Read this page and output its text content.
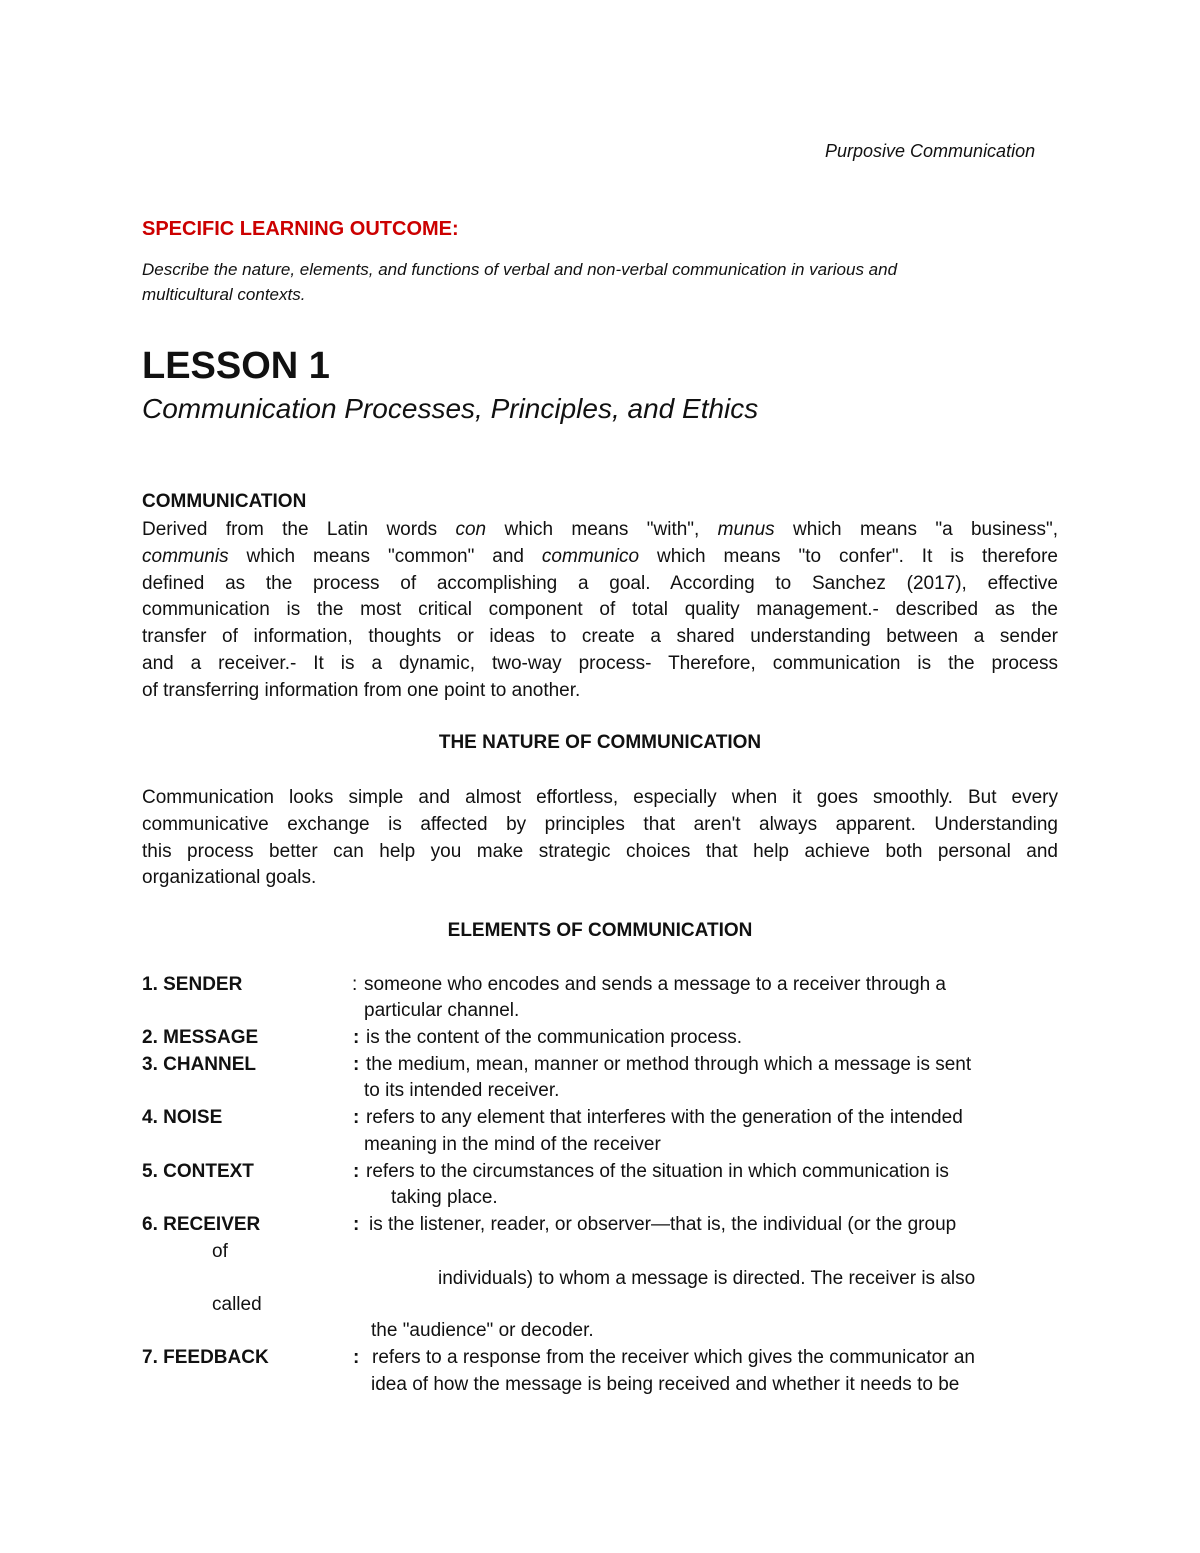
Purposive Communication
SPECIFIC LEARNING OUTCOME:
Describe the nature, elements, and functions of verbal and non-verbal communication in various and
multicultural contexts.
LESSON 1
Communication Processes, Principles, and Ethics
COMMUNICATION
Derived from the Latin words con which means "with", munus which means "a business",
communis which means "common" and communico which means "to confer". It is therefore
defined as the process of accomplishing a goal. According to Sanchez (2017), effective
communication is the most critical component of total quality management.- described as the
transfer of information, thoughts or ideas to create a shared understanding between a sender
and a receiver.- It is a dynamic, two-way process- Therefore, communication is the process
of transferring information from one point to another.
THE NATURE OF COMMUNICATION
Communication looks simple and almost effortless, especially when it goes smoothly. But every
communicative exchange is affected by principles that aren't always apparent. Understanding
this process better can help you make strategic choices that help achieve both personal and
organizational goals.
ELEMENTS OF COMMUNICATION
1. SENDER	: someone who encodes and sends a message to a receiver through a
particular channel.
2. MESSAGE	: is the content of the communication process.
3. CHANNEL	: the medium, mean, manner or method through which a message is sent
to its intended receiver.
4. NOISE	: refers to any element that interferes with the generation of the intended
meaning in the mind of the receiver
5. CONTEXT	: refers to the circumstances of the situation in which communication is
taking place.
6. RECEIVER	: is the listener, reader, or observer—that is, the individual (or the group
of
individuals) to whom a message is directed. The receiver is also
called
the "audience" or decoder.
7. FEEDBACK	: refers to a response from the receiver which gives the communicator an
idea of how the message is being received and whether it needs to be
